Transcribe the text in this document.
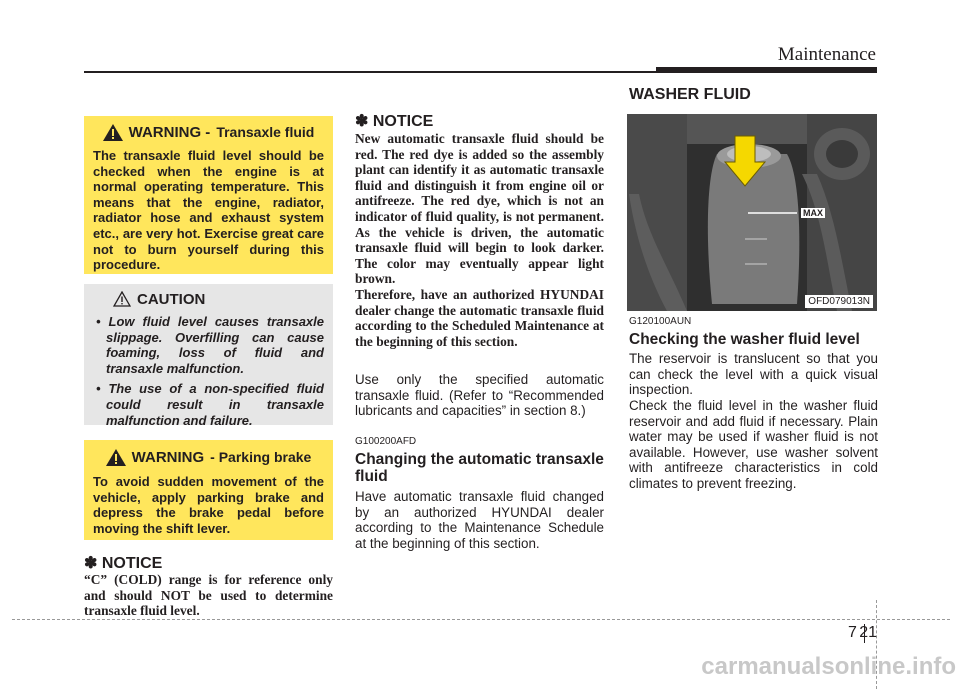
Maintenance
WARNING - Transaxle fluid
The transaxle fluid level should be checked when the engine is at normal operating temperature. This means that the engine, radiator, radiator hose and exhaust system etc., are very hot. Exercise great care not to burn yourself during this procedure.
CAUTION
• Low fluid level causes transaxle slippage. Overfilling can cause foaming, loss of fluid and transaxle malfunction.
• The use of a non-specified fluid could result in transaxle malfunction and failure.
WARNING - Parking brake
To avoid sudden movement of the vehicle, apply parking brake and depress the brake pedal before moving the shift lever.
✽ NOTICE
“C” (COLD) range is for reference only and should NOT be used to determine transaxle fluid level.
✽ NOTICE
New automatic transaxle fluid should be red. The red dye is added so the assembly plant can identify it as automatic transaxle fluid and distinguish it from engine oil or antifreeze. The red dye, which is not an indicator of fluid quality, is not permanent. As the vehicle is driven, the automatic transaxle fluid will begin to look darker. The color may eventually appear light brown.
Therefore, have an authorized HYUNDAI dealer change the automatic transaxle fluid according to the Scheduled Maintenance at the beginning of this section.
Use only the specified automatic transaxle fluid. (Refer to “Recommended lubricants and capacities” in section 8.)
G100200AFD
Changing the automatic transaxle fluid
Have automatic transaxle fluid changed by an authorized HYUNDAI dealer according to the Maintenance Schedule at the beginning of this section.
WASHER FLUID
MAX
OFD079013N
G120100AUN
Checking the washer fluid level
The reservoir is translucent so that you can check the level with a quick visual inspection.
Check the fluid level in the washer fluid reservoir and add fluid if necessary. Plain water may be used if washer fluid is not available. However, use washer solvent with antifreeze characteristics in cold climates to prevent freezing.
7 21
carmanualsonline.info
